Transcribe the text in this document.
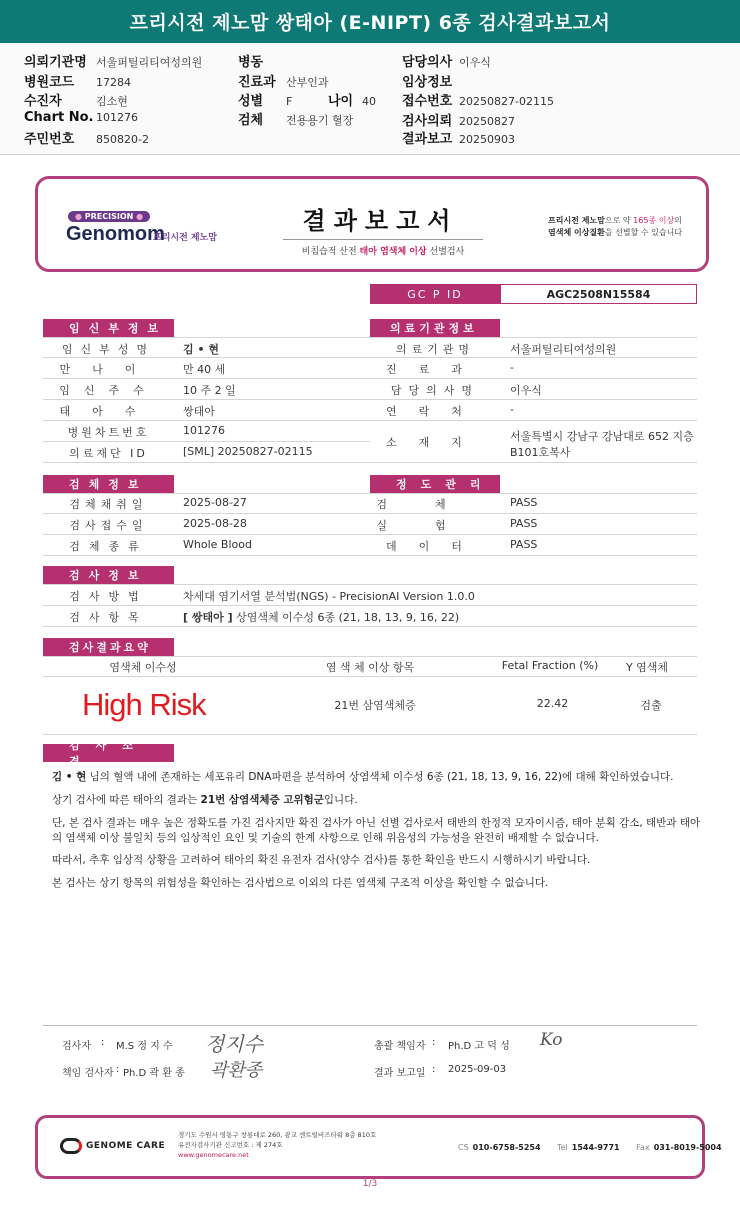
프리시전 제노맘 쌍태아 (E-NIPT) 6종 검사결과보고서
의뢰기관명 서울퍼틸리티여성의원
병원코드	17284
수진자	김소현
Chart No. 101276
주민번호	850820-2
병동
진료과 산부인과
성별	F	나이 40
검체	전용용기 혈장
담당의사 이우식
임상정보
접수번호 20250827-02115
검사의뢰 20250827
결과보고 20250903
● PRECISION ●
Genomom
프리시전 제노맘
결과보고서
비침습적 산전 태아 염색체 이상 선별검사
프리시전 제노맘으로 약 165종 이상의
염색체 이상질환을 선별할 수 있습니다
GC P ID	AGC2508N15584
임신부정보
임신부성명	김 • 현
만나이	만 40 세
임신주수	10 주 2 일
태아수	쌍태아
병원차트번호	101276
의료재단 ID	[SML] 20250827-02115
의료기관정보
의료기관명	서울퍼틸리티여성의원
진료과	-
담당의사명	이우식
연락처	-
소재지	서울특별시 강남구 강남대로 652 지층
B101호복사
검체정보
검체채취일	2025-08-27
검사접수일	2025-08-28
검체종류	Whole Blood
정도관리
검체	PASS
실험	PASS
데이터	PASS
검사정보
검사방법	차세대 염기서열 분석법(NGS) - PrecisionAI Version 1.0.0
검사항목	[ 쌍태아 ] 상염색체 이수성 6종 (21, 18, 13, 9, 16, 22)
검사결과요약
염색체 이수성	염 색 체 이상 항목	Fetal Fraction (%)	Y 염색체
High Risk	21번 삼염색체증	22.42	검출
검사소견
김 • 현 님의 혈액 내에 존재하는 세포유리 DNA파편을 분석하여 상염색체 이수성 6종 (21, 18, 13, 9, 16, 22)에 대해 확인하였습니다.
상기 검사에 따른 태아의 결과는 21번 삼염색체증 고위험군입니다.
단, 본 검사 결과는 매우 높은 정확도를 가진 검사지만 확진 검사가 아닌 선별 검사로서 태반의 한정적 모자이시즘, 태아 분획 감소, 태반과 태아의 염색체 이상 불일치 등의 임상적인 요인 및 기술의 한계 사항으로 인해 위음성의 가능성을 완전히 배제할 수 없습니다.
따라서, 추후 임상적 상황을 고려하여 태아의 확진 유전자 검사(양수 검사)를 통한 확인을 반드시 시행하시기 바랍니다.
본 검사는 상기 항목의 위험성을 확인하는 검사법으로 이외의 다른 염색체 구조적 이상을 확인할 수 없습니다.
검사자 : M.S 정 지 수 정지수
책임 검사자 : Ph.D 곽 환 종 곽환종
총괄 책임자 : Ph.D 고 덕 성 Ko
결과 보고일 : 2025-09-03
GENOME CARE
경기도 수원시 영통구 창룡대로 260, 광교 센트럴비즈타워 8층 810호
유전자검사기관 신고번호 : 제 274호
www.genomecare.net
CS 010-6758-5254 Tel 1544-9771 Fax 031-8019-5004
1/3
